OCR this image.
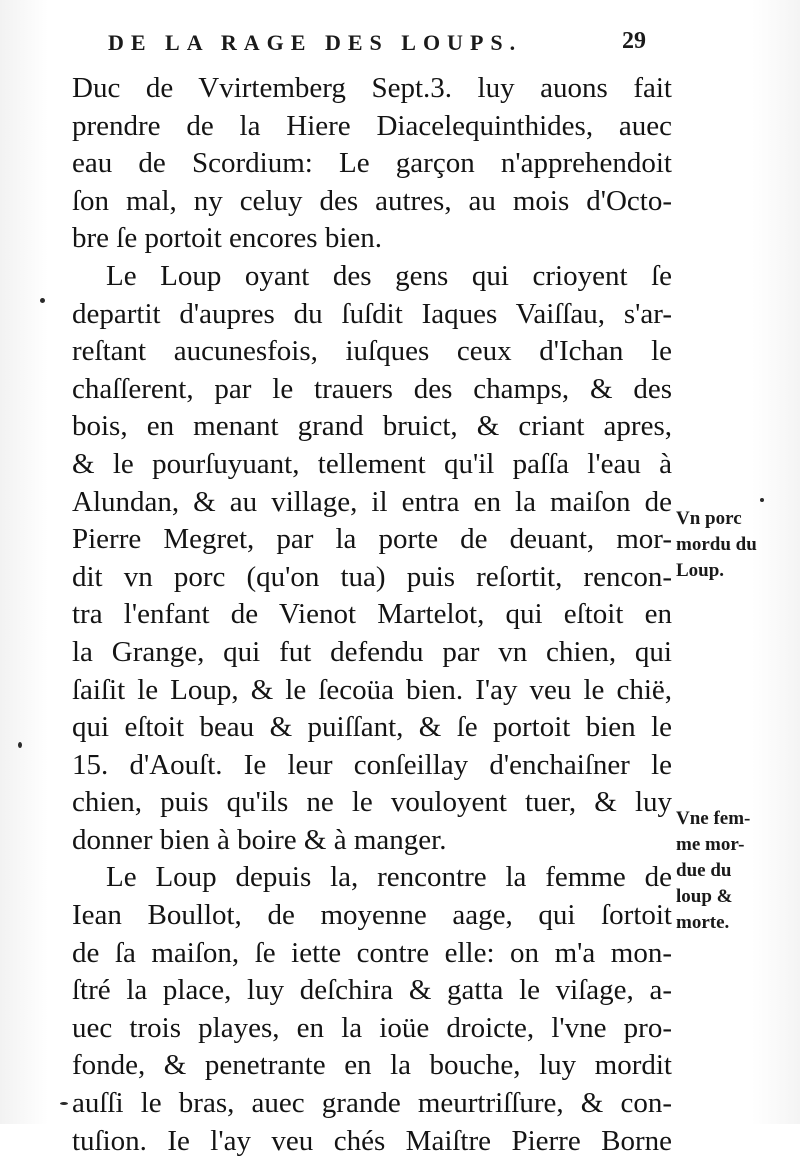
DE LA RAGE DES LOUPS.	29
Duc de Vvirtemberg Sept.3. luy auons fait
prendre de la Hiere Diacelequinthides, auec
eau de Scordium: Le garçon n'apprehendoit
ſon mal, ny celuy des autres, au mois d'Octo-
bre ſe portoit encores bien.
Le Loup oyant des gens qui crioyent ſe
departit d'aupres du ſuſdit Iaques Vaiſſau, s'ar-
reſtant aucunesfois, iuſques ceux d'Ichan le
chaſſerent, par le trauers des champs, & des
bois, en menant grand bruict, & criant apres,
& le pourſuyuant, tellement qu'il paſſa l'eau à
Alundan, & au village, il entra en la maiſon de
Pierre Megret, par la porte de deuant, mor-
dit vn porc (qu'on tua) puis reſortit, rencon-
tra l'enfant de Vienot Martelot, qui eſtoit en
la Grange, qui fut defendu par vn chien, qui
ſaiſit le Loup, & le ſecoüa bien. I'ay veu le chië,
qui eſtoit beau & puiſſant, & ſe portoit bien le
15. d'Aouſt. Ie leur conſeillay d'enchaiſner le
chien, puis qu'ils ne le vouloyent tuer, & luy
donner bien à boire & à manger.
Le Loup depuis la, rencontre la femme de
Iean Boullot, de moyenne aage, qui ſortoit
de ſa maiſon, ſe iette contre elle: on m'a mon-
ſtré la place, luy deſchira & gatta le viſage, a-
uec trois playes, en la ioüe droicte, l'vne pro-
fonde, & penetrante en la bouche, luy mordit
auſſi le bras, auec grande meurtriſſure, & con-
tuſion. Ie l'ay veu chés Maiſtre Pierre Borne
Vn porc
mordu du
Loup.
Vne fem-
me mor-
due du
loup &
morte.
